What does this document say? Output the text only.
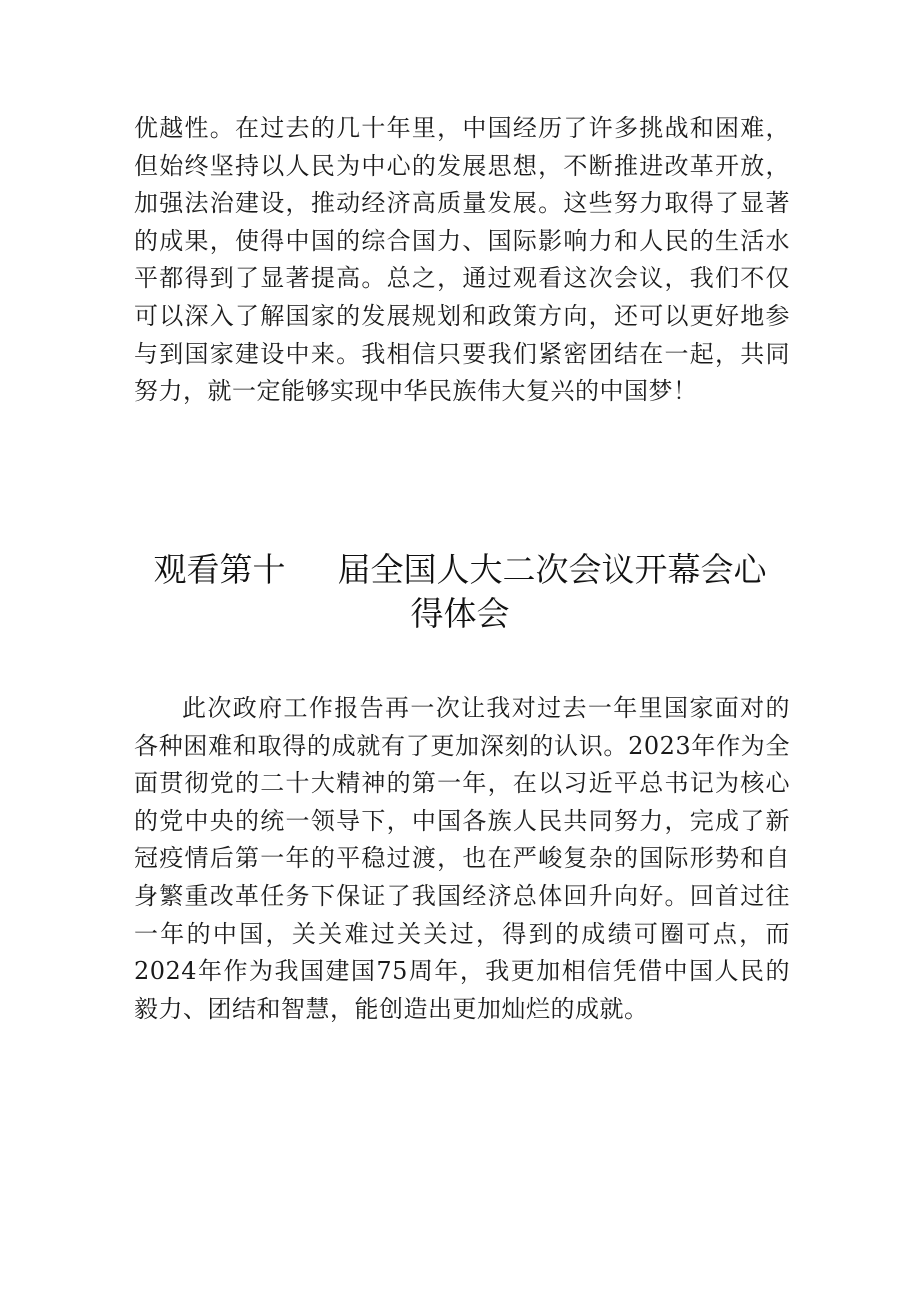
优越性。在过去的几十年里，中国经历了许多挑战和困难，但始终坚持以人民为中心的发展思想，不断推进改革开放，加强法治建设，推动经济高质量发展。这些努力取得了显著的成果，使得中国的综合国力、国际影响力和人民的生活水平都得到了显著提高。总之，通过观看这次会议，我们不仅可以深入了解国家的发展规划和政策方向，还可以更好地参与到国家建设中来。我相信只要我们紧密团结在一起，共同努力，就一定能够实现中华民族伟大复兴的中国梦！

观看第十 届全国人大二次会议开幕会心
得体会

此次政府工作报告再一次让我对过去一年里国家面对的各种困难和取得的成就有了更加深刻的认识。2023年作为全面贯彻党的二十大精神的第一年，在以习近平总书记为核心的党中央的统一领导下，中国各族人民共同努力，完成了新冠疫情后第一年的平稳过渡，也在严峻复杂的国际形势和自身繁重改革任务下保证了我国经济总体回升向好。回首过往一年的中国，关关难过关关过，得到的成绩可圈可点，而2024年作为我国建国75周年，我更加相信凭借中国人民的毅力、团结和智慧，能创造出更加灿烂的成就。
